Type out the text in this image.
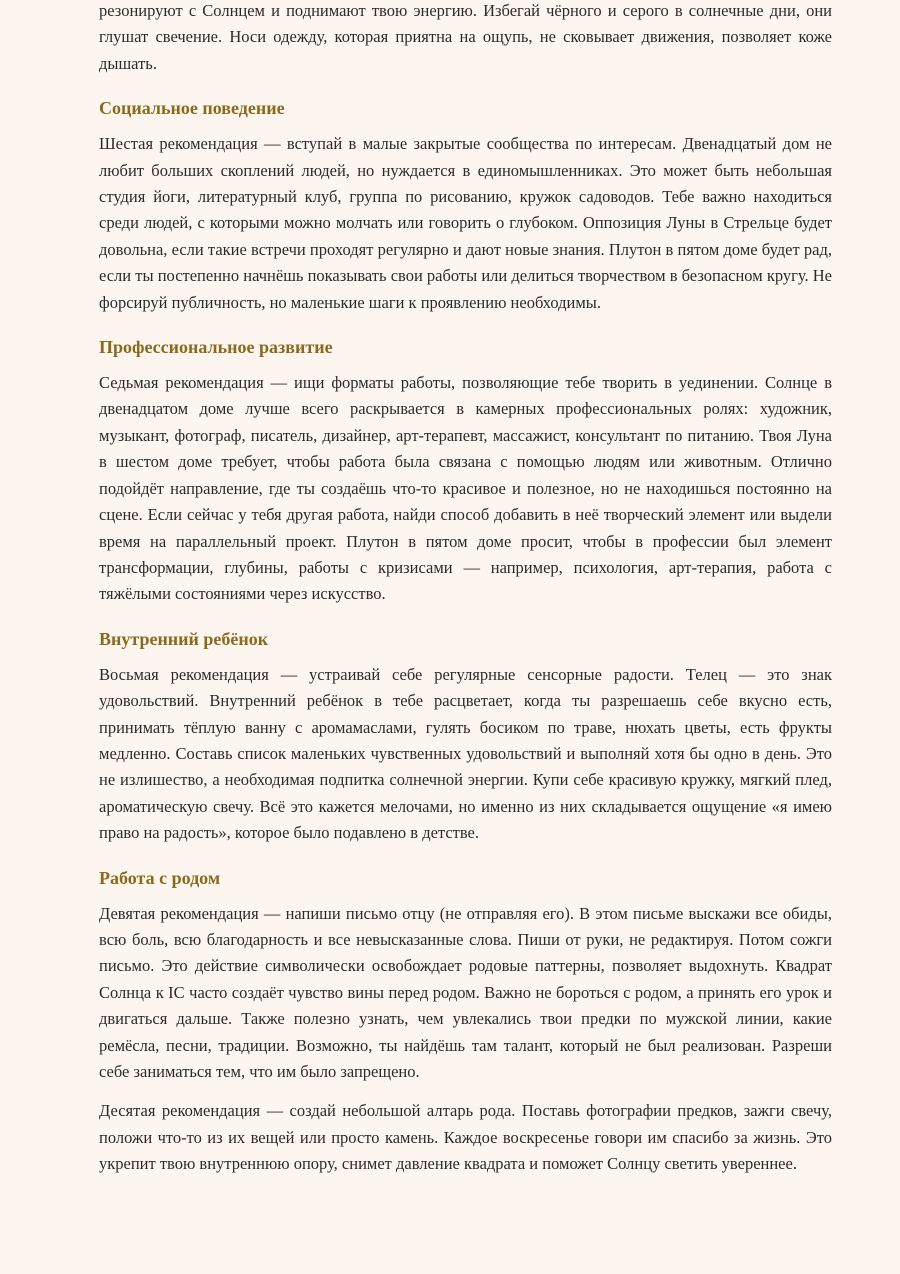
резонируют с Солнцем и поднимают твою энергию. Избегай чёрного и серого в солнечные дни, они глушат свечение. Носи одежду, которая приятна на ощупь, не сковывает движения, позволяет коже дышать.

Социальное поведение

Шестая рекомендация — вступай в малые закрытые сообщества по интересам. Двенадцатый дом не любит больших скоплений людей, но нуждается в единомышленниках. Это может быть небольшая студия йоги, литературный клуб, группа по рисованию, кружок садоводов. Тебе важно находиться среди людей, с которыми можно молчать или говорить о глубоком. Оппозиция Луны в Стрельце будет довольна, если такие встречи проходят регулярно и дают новые знания. Плутон в пятом доме будет рад, если ты постепенно начнёшь показывать свои работы или делиться творчеством в безопасном кругу. Не форсируй публичность, но маленькие шаги к проявлению необходимы.

Профессиональное развитие

Седьмая рекомендация — ищи форматы работы, позволяющие тебе творить в уединении. Солнце в двенадцатом доме лучше всего раскрывается в камерных профессиональных ролях: художник, музыкант, фотограф, писатель, дизайнер, арт-терапевт, массажист, консультант по питанию. Твоя Луна в шестом доме требует, чтобы работа была связана с помощью людям или животным. Отлично подойдёт направление, где ты создаёшь что-то красивое и полезное, но не находишься постоянно на сцене. Если сейчас у тебя другая работа, найди способ добавить в неё творческий элемент или выдели время на параллельный проект. Плутон в пятом доме просит, чтобы в профессии был элемент трансформации, глубины, работы с кризисами — например, психология, арт-терапия, работа с тяжёлыми состояниями через искусство.

Внутренний ребёнок

Восьмая рекомендация — устраивай себе регулярные сенсорные радости. Телец — это знак удовольствий. Внутренний ребёнок в тебе расцветает, когда ты разрешаешь себе вкусно есть, принимать тёплую ванну с аромамаслами, гулять босиком по траве, нюхать цветы, есть фрукты медленно. Составь список маленьких чувственных удовольствий и выполняй хотя бы одно в день. Это не излишество, а необходимая подпитка солнечной энергии. Купи себе красивую кружку, мягкий плед, ароматическую свечу. Всё это кажется мелочами, но именно из них складывается ощущение «я имею право на радость», которое было подавлено в детстве.

Работа с родом

Девятая рекомендация — напиши письмо отцу (не отправляя его). В этом письме выскажи все обиды, всю боль, всю благодарность и все невысказанные слова. Пиши от руки, не редактируя. Потом сожги письмо. Это действие символически освобождает родовые паттерны, позволяет выдохнуть. Квадрат Солнца к IC часто создаёт чувство вины перед родом. Важно не бороться с родом, а принять его урок и двигаться дальше. Также полезно узнать, чем увлекались твои предки по мужской линии, какие ремёсла, песни, традиции. Возможно, ты найдёшь там талант, который не был реализован. Разреши себе заниматься тем, что им было запрещено.

Десятая рекомендация — создай небольшой алтарь рода. Поставь фотографии предков, зажги свечу, положи что-то из их вещей или просто камень. Каждое воскресенье говори им спасибо за жизнь. Это укрепит твою внутреннюю опору, снимет давление квадрата и поможет Солнцу светить увереннее.
